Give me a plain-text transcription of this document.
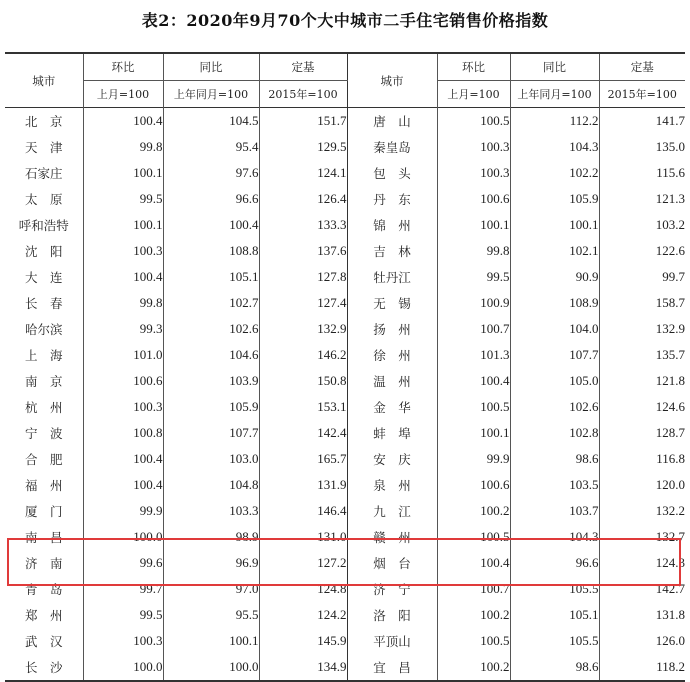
表2：2020年9月70个大中城市二手住宅销售价格指数
城市	环比	同比	定基	城市	环比	同比	定基
	上月=100	上年同月=100	2015年=100		上月=100	上年同月=100	2015年=100
北　京	100.4	104.5	151.7	唐　山	100.5	112.2	141.7
天　津	99.8	95.4	129.5	秦皇岛	100.3	104.3	135.0
石家庄	100.1	97.6	124.1	包　头	100.3	102.2	115.6
太　原	99.5	96.6	126.4	丹　东	100.6	105.9	121.3
呼和浩特	100.1	100.4	133.3	锦　州	100.1	100.1	103.2
沈　阳	100.3	108.8	137.6	吉　林	99.8	102.1	122.6
大　连	100.4	105.1	127.8	牡丹江	99.5	90.9	99.7
长　春	99.8	102.7	127.4	无　锡	100.9	108.9	158.7
哈尔滨	99.3	102.6	132.9	扬　州	100.7	104.0	132.9
上　海	101.0	104.6	146.2	徐　州	101.3	107.7	135.7
南　京	100.6	103.9	150.8	温　州	100.4	105.0	121.8
杭　州	100.3	105.9	153.1	金　华	100.5	102.6	124.6
宁　波	100.8	107.7	142.4	蚌　埠	100.1	102.8	128.7
合　肥	100.4	103.0	165.7	安　庆	99.9	98.6	116.8
福　州	100.4	104.8	131.9	泉　州	100.6	103.5	120.0
厦　门	99.9	103.3	146.4	九　江	100.2	103.7	132.2
南　昌	100.0	98.9	131.0	赣　州	100.5	104.3	132.7
济　南	99.6	96.9	127.2	烟　台	100.4	96.6	124.3
青　岛	99.7	97.0	124.8	济　宁	100.7	105.5	142.7
郑　州	99.5	95.5	124.2	洛　阳	100.2	105.1	131.8
武　汉	100.3	100.1	145.9	平顶山	100.5	105.5	126.0
长　沙	100.0	100.0	134.9	宜　昌	100.2	98.6	118.2
